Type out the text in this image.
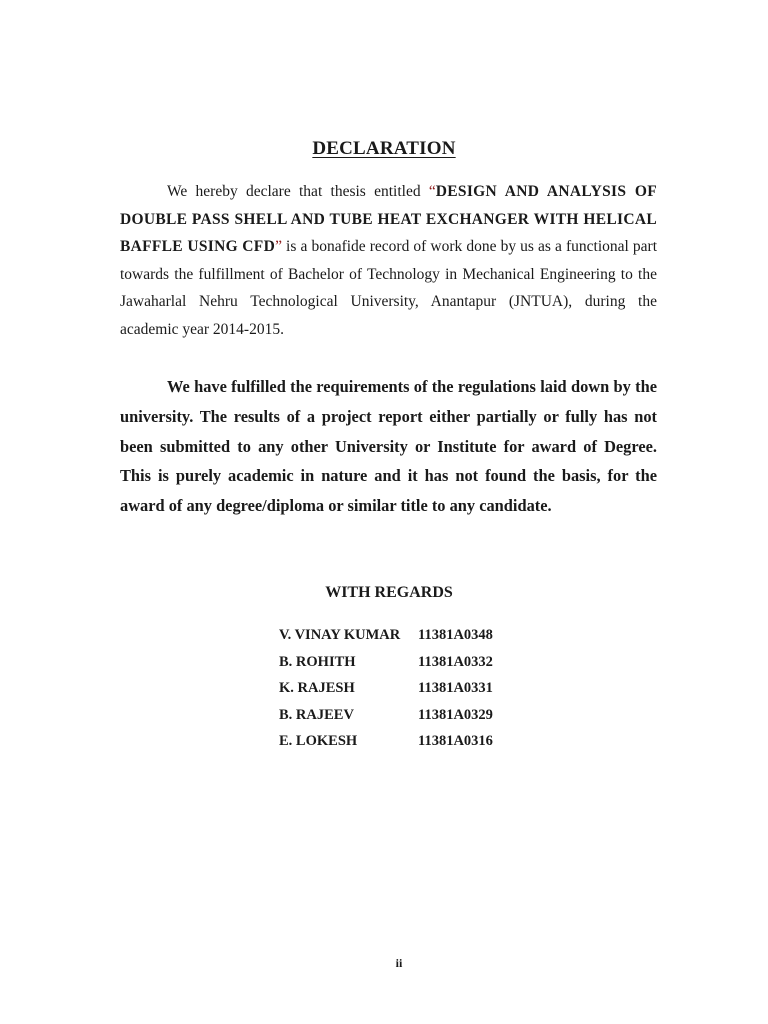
DECLARATION
We hereby declare that thesis entitled “DESIGN AND ANALYSIS OF DOUBLE PASS SHELL AND TUBE HEAT EXCHANGER WITH HELICAL BAFFLE USING CFD” is a bonafide record of work done by us as a functional part towards the fulfillment of Bachelor of Technology in Mechanical Engineering to the Jawaharlal Nehru Technological University, Anantapur (JNTUA), during the academic year 2014-2015.
We have fulfilled the requirements of the regulations laid down by the university. The results of a project report either partially or fully has not been submitted to any other University or Institute for award of Degree. This is purely academic in nature and it has not found the basis, for the award of any degree/diploma or similar title to any candidate.
WITH REGARDS
V. VINAY KUMAR	11381A0348
B. ROHITH	11381A0332
K. RAJESH	11381A0331
B. RAJEEV	11381A0329
E. LOKESH	11381A0316
ii
